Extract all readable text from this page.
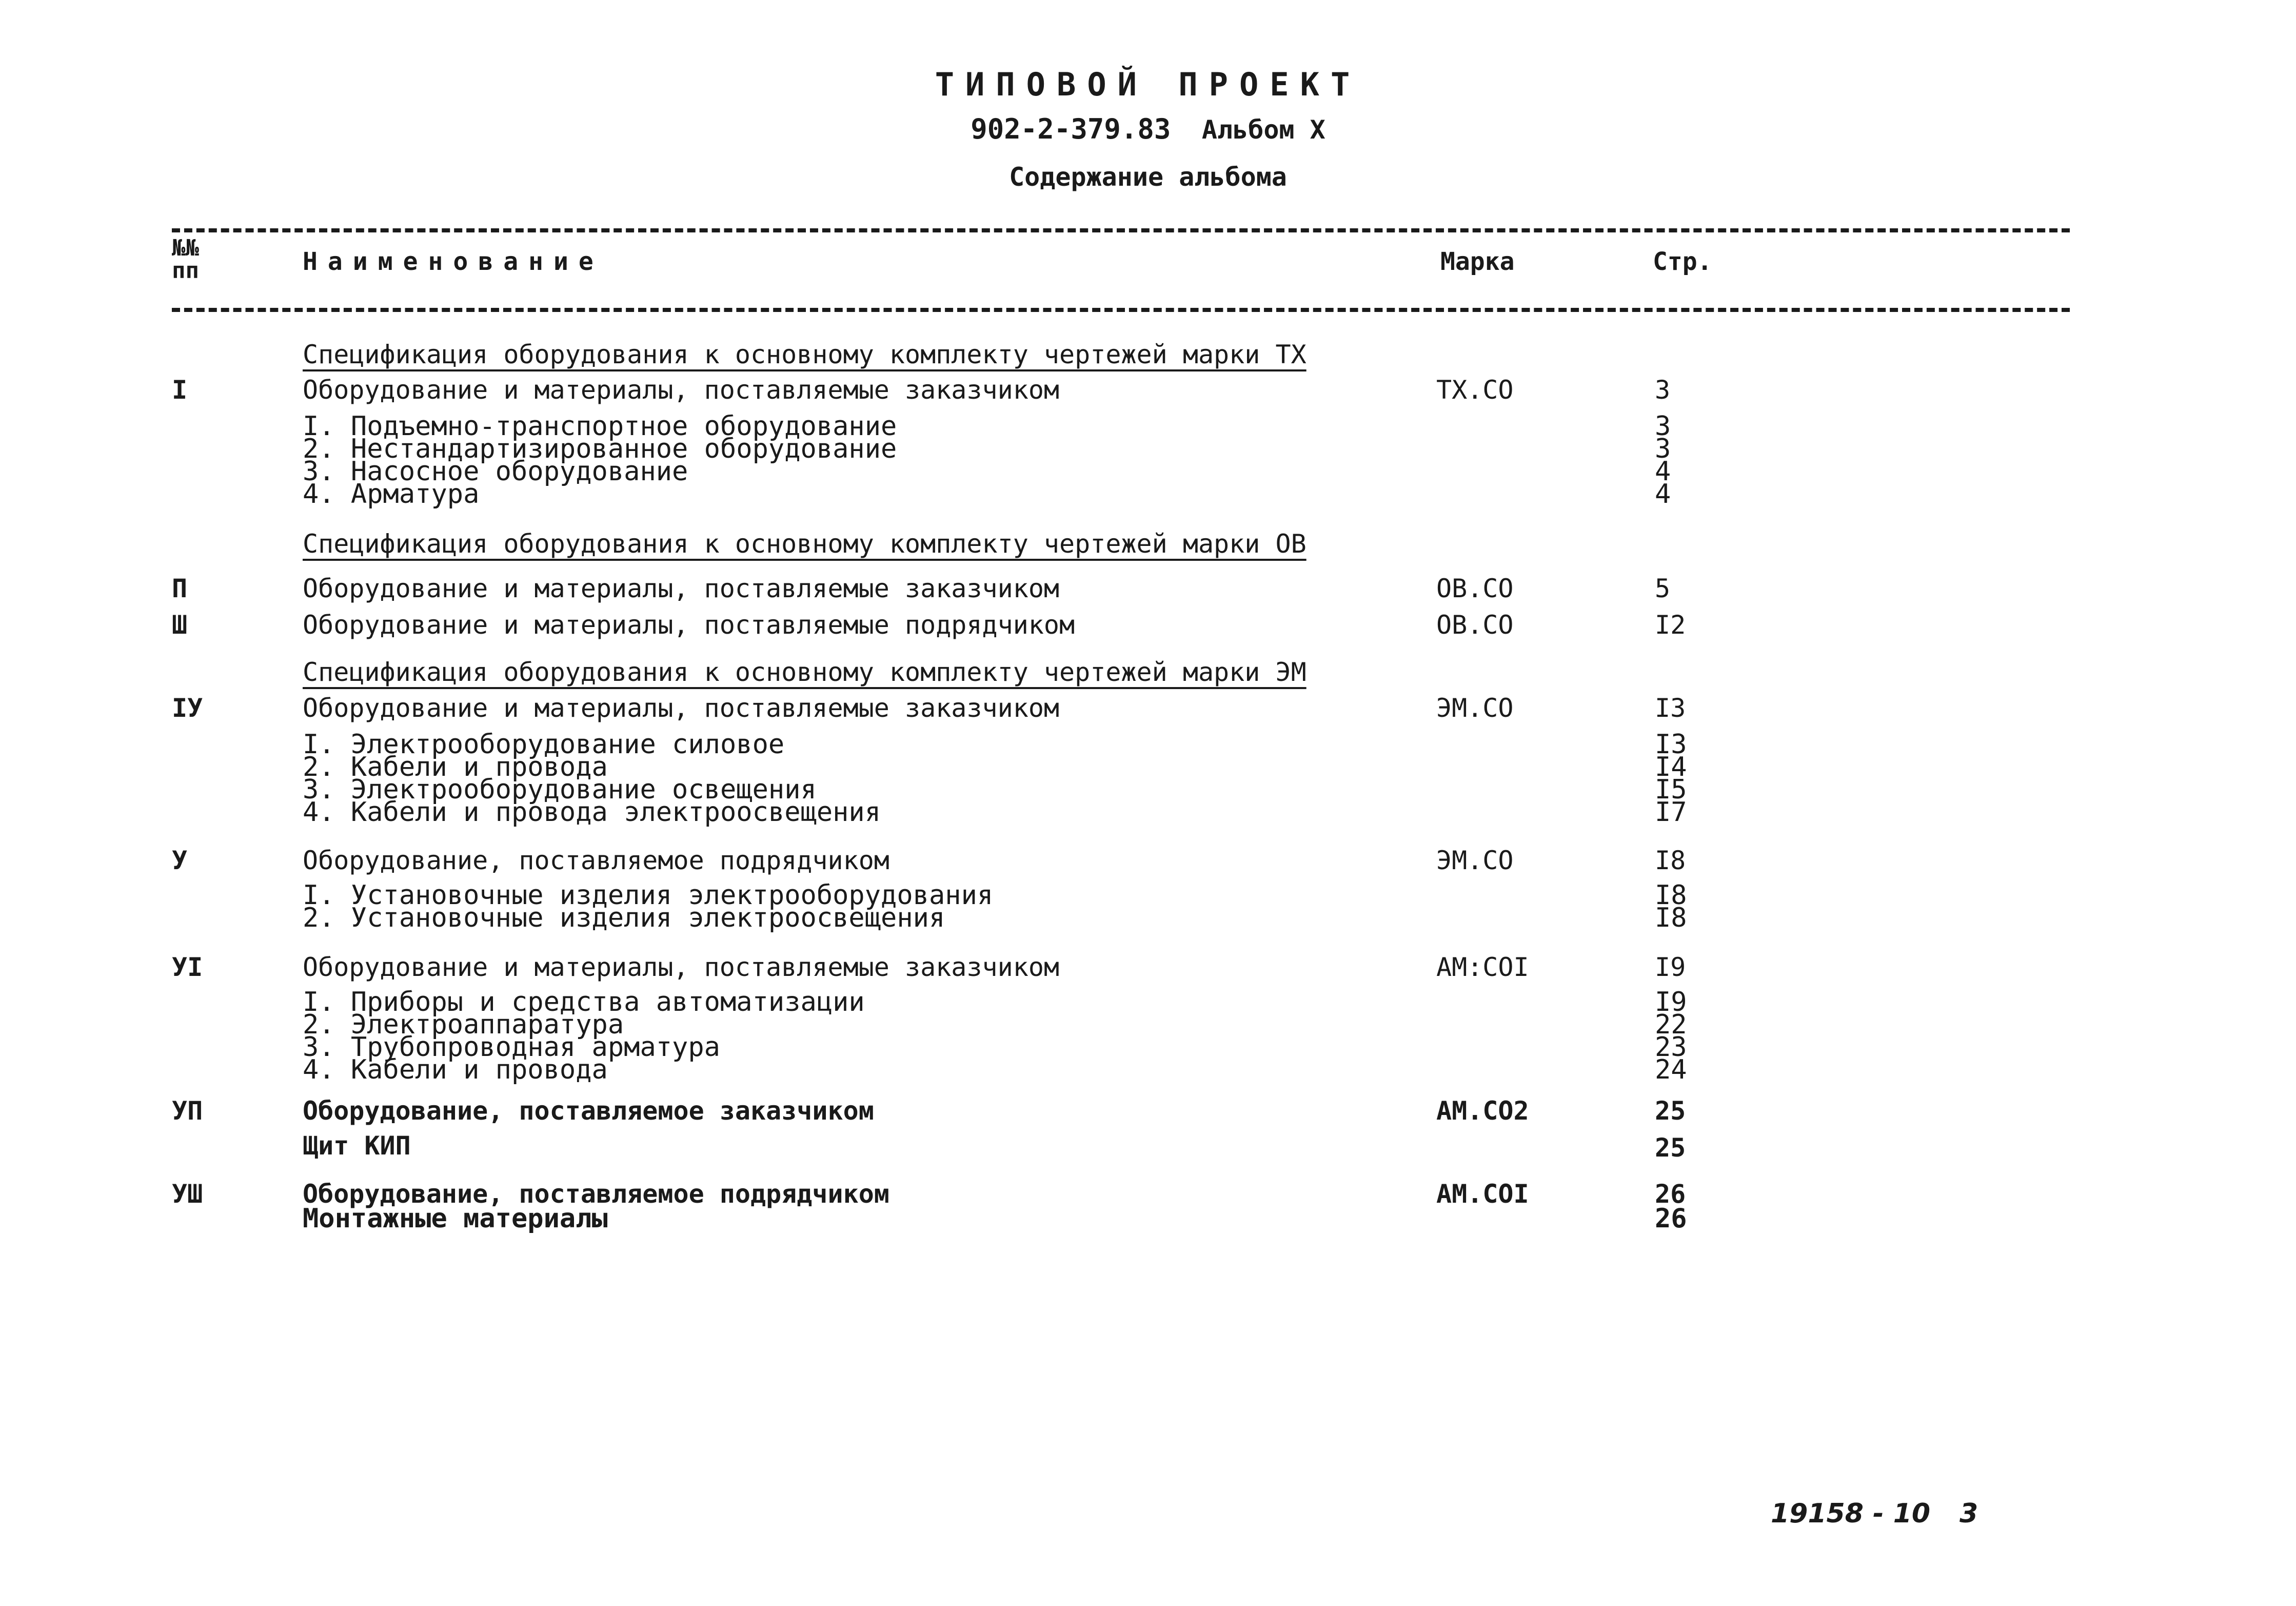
ТИПОВОЙ ПРОЕКТ
902-2-379.83 Альбом Х
Содержание альбома
№№ пп	Наименование	Марка	Стр.
Спецификация оборудования к основному комплекту чертежей марки ТХ
I	Оборудование и материалы, поставляемые заказчиком	ТХ.СО	3
I. Подъемно-транспортное оборудование	3
2. Нестандартизированное оборудование	3
3. Насосное оборудование	4
4. Арматура	4
Спецификация оборудования к основному комплекту чертежей марки ОВ
П	Оборудование и материалы, поставляемые заказчиком	ОВ.СО	5
Ш	Оборудование и материалы, поставляемые подрядчиком	ОВ.СО	I2
Спецификация оборудования к основному комплекту чертежей марки ЭМ
IУ	Оборудование и материалы, поставляемые заказчиком	ЭМ.СО	I3
I. Электрооборудование силовое	I3
2. Кабели и провода	I4
3. Электрооборудование освещения	I5
4. Кабели и провода электроосвещения	I7
У	Оборудование, поставляемое подрядчиком	ЭМ.СО	I8
I. Установочные изделия электрооборудования	I8
2. Установочные изделия электроосвещения	I8
УI	Оборудование и материалы, поставляемые заказчиком	АМ:СОI	I9
I. Приборы и средства автоматизации	I9
2. Электроаппаратура	22
3. Трубопроводная арматура	23
4. Кабели и провода	24
УП	Оборудование, поставляемое заказчиком	АМ.СО2	25
Щит КИП	25
УШ	Оборудование, поставляемое подрядчиком	АМ.СОI	26
Монтажные материалы	26
19158 - 10 3
